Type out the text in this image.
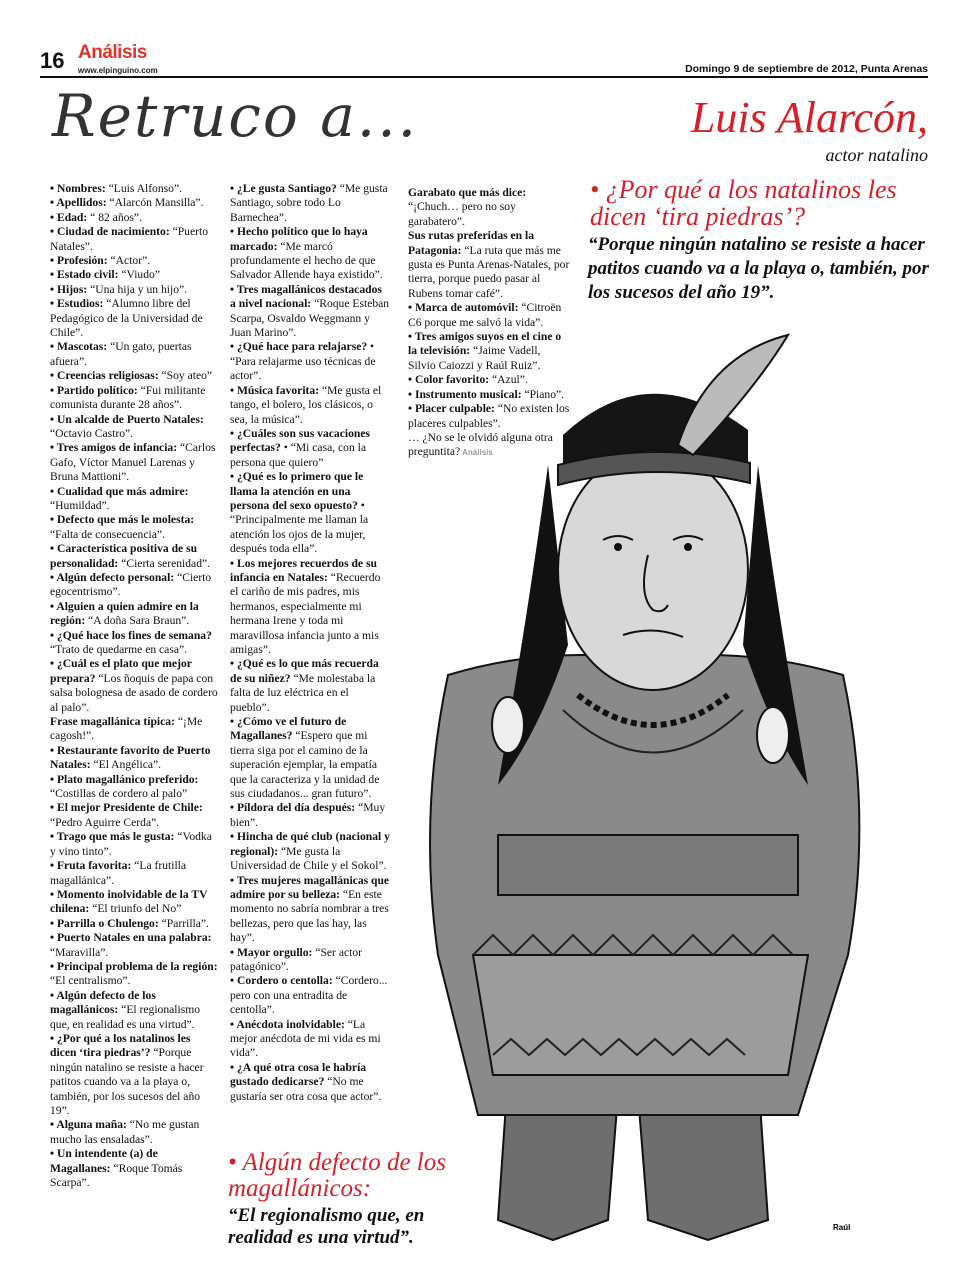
16 Análisis
www.elpinguino.com	Domingo 9 de septiembre de 2012, Punta Arenas
Retruco a...	Luis Alarcón,
actor natalino
• ¿Por qué a los natalinos les dicen ‘tira piedras’?
“Porque ningún natalino se resiste a hacer patitos cuando va a la playa o, también, por los sucesos del año 19”.
Raúl

• Nombres: “Luis Alfonso”.

• Apellidos: “Alarcón Mansilla”.

• Edad: “ 82 años”.

• Ciudad de nacimiento: “Puerto Natales”.

• Profesión: “Actor”.

• Estado civil: “Viudo”

• Hijos: “Una hija y un hijo”.

• Estudios: “Alumno libre del Pedagógico de la Universidad de Chile”.

• Mascotas: “Un gato, puertas afuera”.

• Creencias religiosas: “Soy ateo”

• Partido político: “Fui militante comunista durante 28 años”.

• Un alcalde de Puerto Natales: “Octavio Castro”.

• Tres amigos de infancia: “Carlos Gafo, Víctor Manuel Larenas y Bruna Mattioni”.

• Cualidad que más admire: “Humildad”.

• Defecto que más le molesta: “Falta de consecuencia”.

• Característica positiva de su personalidad: “Cierta serenidad”.

• Algún defecto personal: “Cierto egocentrismo”.

• Alguien a quien admire en la región: “A doña Sara Braun”.

• ¿Qué hace los fines de semana? “Trato de quedarme en casa”.

• ¿Cuál es el plato que mejor prepara? “Los ñoquis de papa con salsa bolognesa de asado de cordero al palo”.

Frase magallánica típica: “¡Me cagosh!”.

• Restaurante favorito de Puerto Natales: “El Angélica”.

• Plato magallánico preferido: “Costillas de cordero al palo”

• El mejor Presidente de Chile: “Pedro Aguirre Cerda”.

• Trago que más le gusta: “Vodka y vino tinto”.

• Fruta favorita: “La frutilla magallánica”.

• Momento inolvidable de la TV chilena: “El triunfo del No”

• Parrilla o Chulengo: “Parrilla”.

• Puerto Natales en una palabra: “Maravilla”.

• Principal problema de la región: “El centralismo”.

• Algún defecto de los magallánicos: “El regionalismo que, en realidad es una virtud”.

• ¿Por qué a los natalinos les dicen ‘tira piedras’? “Porque ningún natalino se resiste a hacer patitos cuando va a la playa o, también, por los sucesos del año 19”.

• Alguna maña: “No me gustan mucho las ensaladas”.

• Un intendente (a) de Magallanes: “Roque Tomás Scarpa”.

• ¿Le gusta Santiago? “Me gusta Santiago, sobre todo Lo Barnechea”.

• Hecho político que lo haya marcado: “Me marcó profundamente el hecho de que Salvador Allende haya existido”.

• Tres magallánicos destacados a nivel nacional: “Roque Esteban Scarpa, Osvaldo Weggmann y Juan Marino”.

• ¿Qué hace para relajarse? • “Para relajarme uso técnicas de actor”.

• Música favorita: “Me gusta el tango, el bolero, los clásicos, o sea, la música”.

• ¿Cuáles son sus vacaciones perfectas? • “Mi casa, con la persona que quiero”

• ¿Qué es lo primero que le llama la atención en una persona del sexo opuesto? • “Principalmente me llaman la atención los ojos de la mujer, después toda ella”.

• Los mejores recuerdos de su infancia en Natales: “Recuerdo el cariño de mis padres, mis hermanos, especialmente mi hermana Irene y toda mi maravillosa infancia junto a mis amigas”.

• ¿Qué es lo que más recuerda de su niñez? “Me molestaba la falta de luz eléctrica en el pueblo”.

• ¿Cómo ve el futuro de Magallanes? “Espero que mi tierra siga por el camino de la superación ejemplar, la empatía que la caracteriza y la unidad de sus ciudadanos... gran futuro”.

• Píldora del día después: “Muy bien”.

• Hincha de qué club (nacional y regional): “Me gusta la Universidad de Chile y el Sokol”.

• Tres mujeres magallánicas que admire por su belleza: “En este momento no sabría nombrar a tres bellezas, pero que las hay, las hay”.

• Mayor orgullo: “Ser actor patagónico”.

• Cordero o centolla: “Cordero... pero con una entradita de centolla”.

• Anécdota inolvidable: “La mejor anécdota de mi vida es mi vida”.

• ¿A qué otra cosa le habría gustado dedicarse? “No me gustaría ser otra cosa que actor”.

Garabato que más dice: “¡Chuch… pero no soy garabatero”.

Sus rutas preferidas en la Patagonia: “La ruta que más me gusta es Punta Arenas-Natales, por tierra, porque puedo pasar al Rubens tomar café”.

• Marca de automóvil: “Citroën C6 porque me salvó la vida”.

• Tres amigos suyos en el cine o la televisión: “Jaime Vadell, Silvio Caiozzi y Raúl Ruiz”.

• Color favorito: “Azul”.

• Instrumento musical: “Piano”.

• Placer culpable: “No existen los placeres culpables”.

… ¿No se le olvidó alguna otra preguntita? Análisis

• Algún defecto de los magallánicos:
“El regionalismo que, en realidad es una virtud”.
